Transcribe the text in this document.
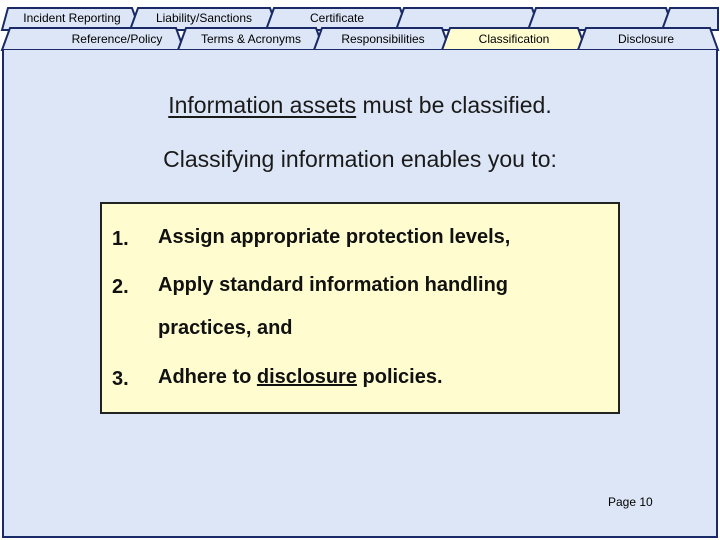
Incident Reporting	Liability/Sanctions	Certificate
Reference/Policy	Terms & Acronyms	Responsibilities	Classification	Disclosure
Information assets must be classified.
Classifying information enables you to:
1. Assign appropriate protection levels,
2. Apply standard information handling practices, and
3. Adhere to disclosure policies.
Page 10
